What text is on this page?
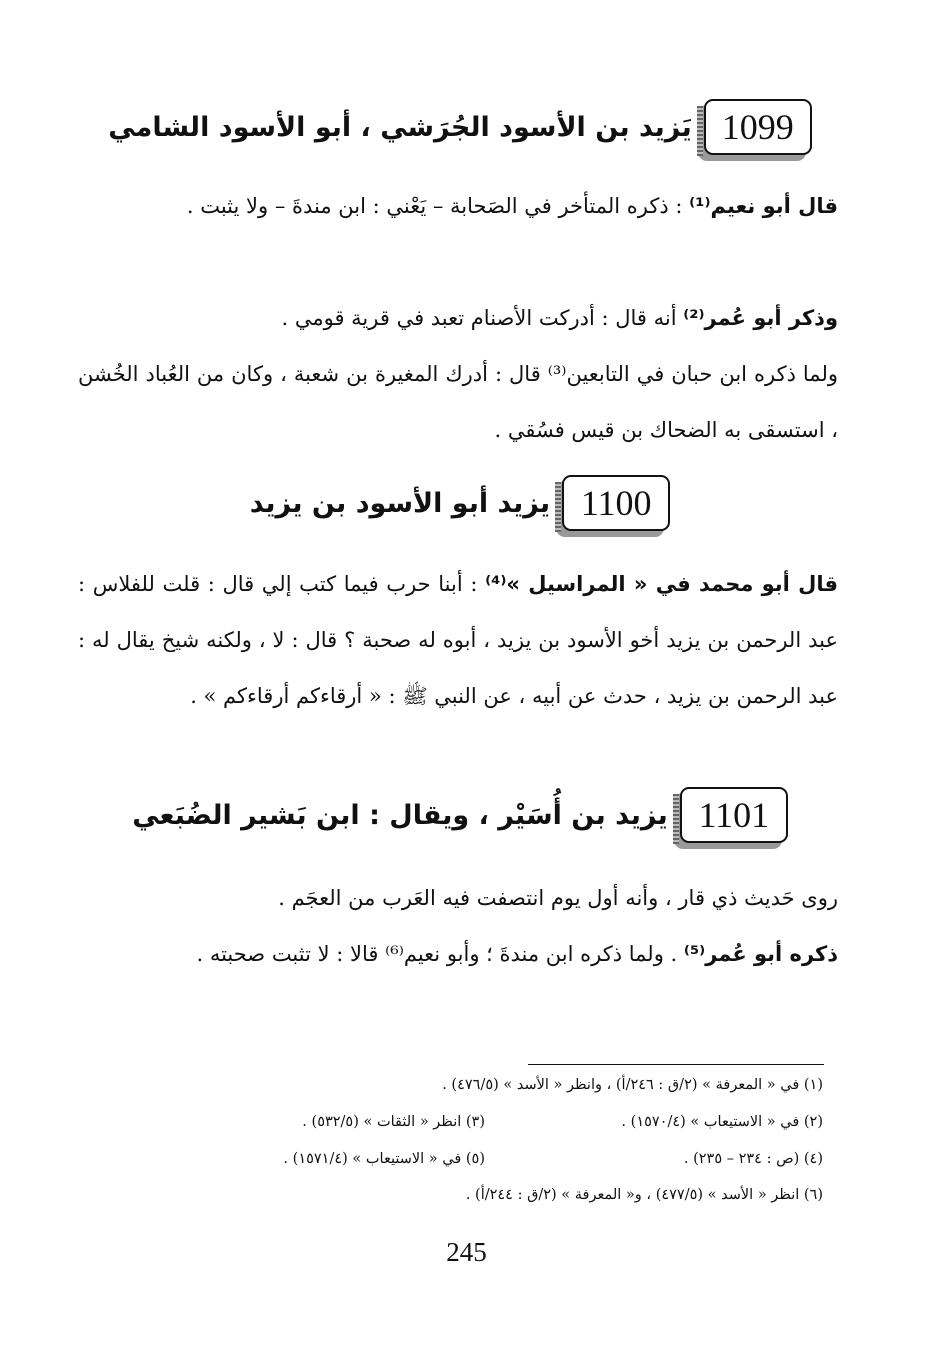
1099
يَزيد بن الأسود الجُرَشي ، أبو الأسود الشامي
قال أبو نعيم⁽¹⁾ : ذكره المتأخر في الصَحابة – يَعْني : ابن مندةَ – ولا يثبت .
وذكر أبو عُمر⁽²⁾ أنه قال : أدركت الأصنام تعبد في قرية قومي .
ولما ذكره ابن حبان في التابعين⁽³⁾ قال : أدرك المغيرة بن شعبة ، وكان من العُباد الخُشن ، استسقى به الضحاك بن قيس فسُقي .
1100
يزيد أبو الأسود بن يزيد
قال أبو محمد في « المراسيل »⁽⁴⁾ : أبنا حرب فيما كتب إلي قال : قلت للفلاس : عبد الرحمن بن يزيد أخو الأسود بن يزيد ، أبوه له صحبة ؟ قال : لا ، ولكنه شيخ يقال له : عبد الرحمن بن يزيد ، حدث عن أبيه ، عن النبي ﷺ : « أرقاءكم أرقاءكم » .
1101
يزيد بن أُسَيْر ، ويقال : ابن بَشير الضُبَعي
روى حَديث ذي قار ، وأنه أول يوم انتصفت فيه العَرب من العجَم .
ذكره أبو عُمر⁽⁵⁾ . ولما ذكره ابن مندةَ ؛ وأبو نعيم⁽⁶⁾ قالا : لا تثبت صحبته .
(١) في « المعرفة » (٢/ق : ٢٤٦/أ) ، وانظر « الأسد » (٤٧٦/٥) .
(٢) في « الاستيعاب » (١٥٧٠/٤) .
(٣) انظر « الثقات » (٥٣٢/٥) .
(٤) (ص : ٢٣٤ – ٢٣٥) .
(٥) في « الاستيعاب » (١٥٧١/٤) .
(٦) انظر « الأسد » (٤٧٧/٥) ، و« المعرفة » (٢/ق : ٢٤٤/أ) .
245
